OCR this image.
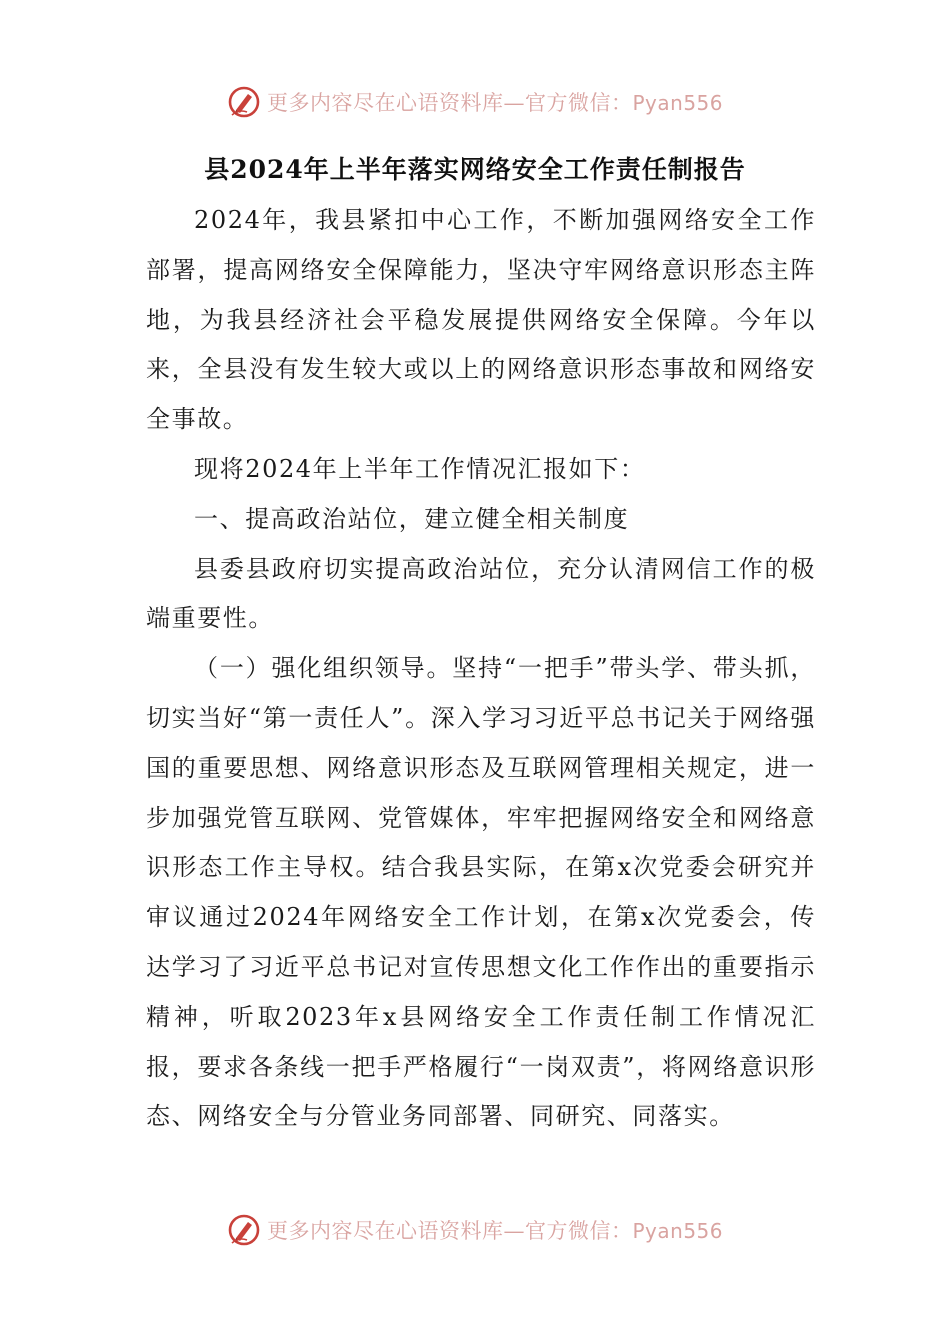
更多内容尽在心语资料库—官方微信：Pyan556
县2024年上半年落实网络安全工作责任制报告

2024年，我县紧扣中心工作，不断加强网络安全工作部署，提高网络安全保障能力，坚决守牢网络意识形态主阵地，为我县经济社会平稳发展提供网络安全保障。今年以来，全县没有发生较大或以上的网络意识形态事故和网络安全事故。

现将2024年上半年工作情况汇报如下：

一、提高政治站位，建立健全相关制度

县委县政府切实提高政治站位，充分认清网信工作的极端重要性。

（一）强化组织领导。坚持“一把手”带头学、带头抓，切实当好“第一责任人”。深入学习习近平总书记关于网络强国的重要思想、网络意识形态及互联网管理相关规定，进一步加强党管互联网、党管媒体，牢牢把握网络安全和网络意识形态工作主导权。结合我县实际，在第x次党委会研究并审议通过2024年网络安全工作计划，在第x次党委会，传达学习了习近平总书记对宣传思想文化工作作出的重要指示精神，听取2023年x县网络安全工作责任制工作情况汇报，要求各条线一把手严格履行“一岗双责”，将网络意识形态、网络安全与分管业务同部署、同研究、同落实。

更多内容尽在心语资料库—官方微信：Pyan556
